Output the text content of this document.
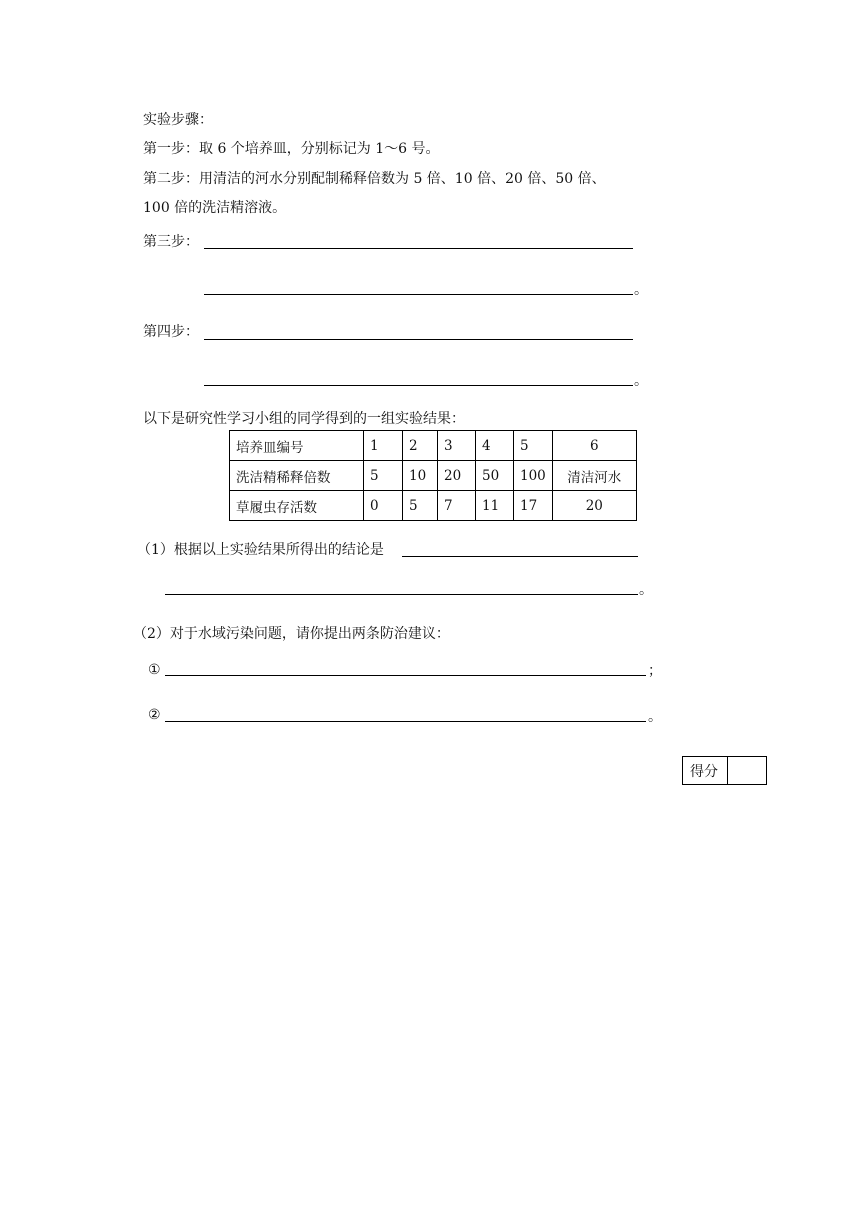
实验步骤：
第一步：取 6 个培养皿，分别标记为 1～6 号。
第二步：用清洁的河水分别配制稀释倍数为 5 倍、10 倍、20 倍、50 倍、
100 倍的洗洁精溶液。
第三步：
。
第四步：
。
以下是研究性学习小组的同学得到的一组实验结果：
培养皿编号	1	2	3	4	5	6
洗洁精稀释倍数	5	10	20	50	100	清洁河水
草履虫存活数	0	5	7	11	17	20
（1）根据以上实验结果所得出的结论是
。
（2）对于水域污染问题，请你提出两条防治建议：
①	；
②	。
得分	
